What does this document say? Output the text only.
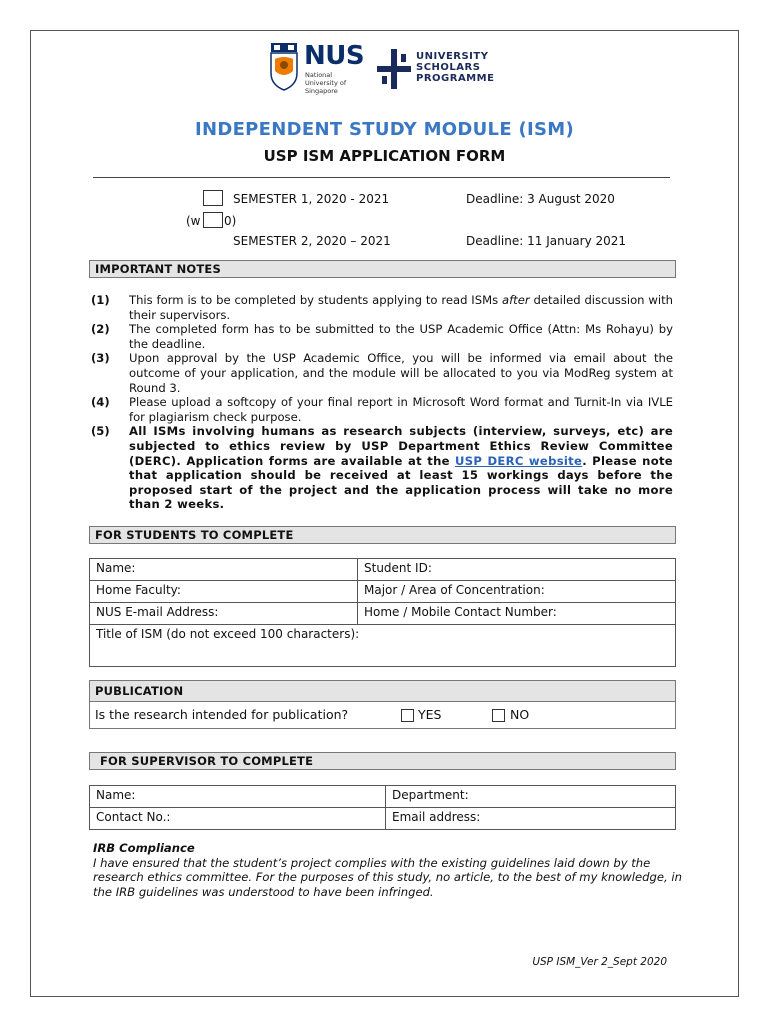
NUS
National University of Singapore
UNIVERSITY
SCHOLARS
PROGRAMME
INDEPENDENT STUDY MODULE (ISM)
USP ISM APPLICATION FORM
SEMESTER 1, 2020 - 2021	Deadline: 3 August 2020
(w 0)
SEMESTER 2, 2020 – 2021	Deadline: 11 January 2021
IMPORTANT NOTES
(1)	This form is to be completed by students applying to read ISMs after detailed discussion with their supervisors.
(2)	The completed form has to be submitted to the USP Academic Office (Attn: Ms Rohayu) by the deadline.
(3)	Upon approval by the USP Academic Office, you will be informed via email about the outcome of your application, and the module will be allocated to you via ModReg system at Round 3.
(4)	Please upload a softcopy of your final report in Microsoft Word format and Turnit-In via IVLE for plagiarism check purpose.
(5)	All ISMs involving humans as research subjects (interview, surveys, etc) are subjected to ethics review by USP Department Ethics Review Committee (DERC). Application forms are available at the USP DERC website. Please note that application should be received at least 15 workings days before the proposed start of the project and the application process will take no more than 2 weeks.
FOR STUDENTS TO COMPLETE
Name:	Student ID:
Home Faculty:	Major / Area of Concentration:
NUS E-mail Address:	Home / Mobile Contact Number:
Title of ISM (do not exceed 100 characters):	
PUBLICATION
Is the research intended for publication?	YES	NO
FOR SUPERVISOR TO COMPLETE
Name:	Department:
Contact No.:	Email address:
IRB Compliance
I have ensured that the student’s project complies with the existing guidelines laid down by the research ethics committee. For the purposes of this study, no article, to the best of my knowledge, in the IRB guidelines was understood to have been infringed.
USP ISM_Ver 2_Sept 2020
